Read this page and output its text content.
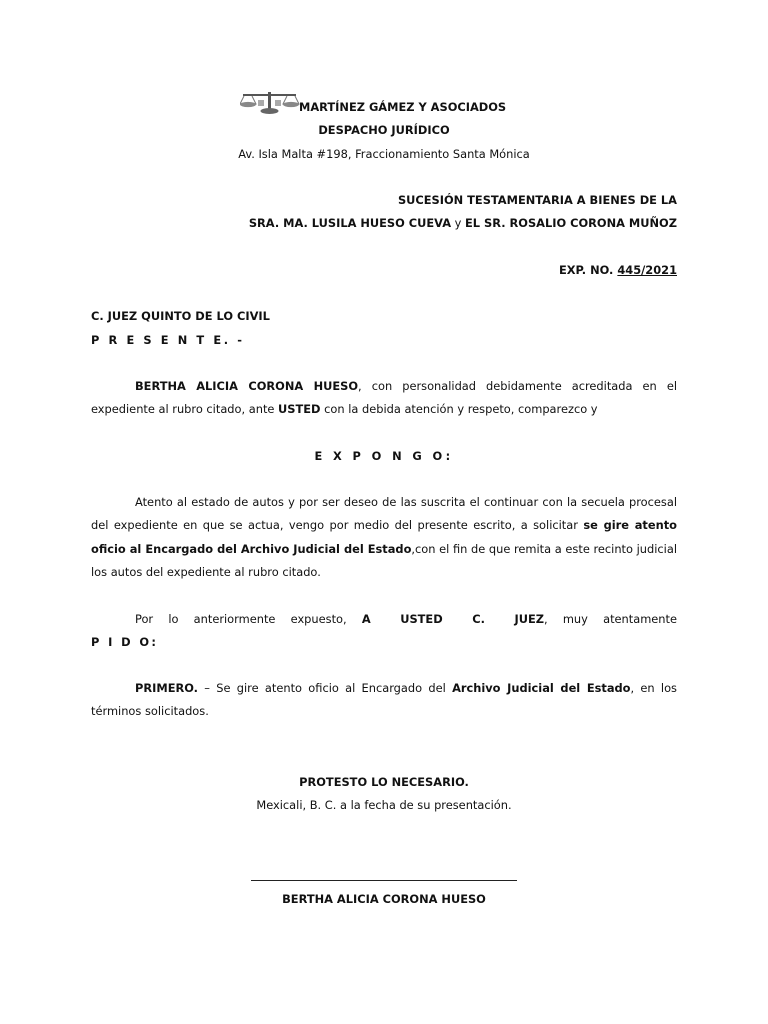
MARTÍNEZ GÁMEZ Y ASOCIADOS
DESPACHO JURÍDICO
Av. Isla Malta #198, Fraccionamiento Santa Mónica
SUCESIÓN TESTAMENTARIA A BIENES DE LA
SRA. MA. LUSILA HUESO CUEVA y EL SR. ROSALIO CORONA MUÑOZ
EXP. NO. 445/2021
C. JUEZ QUINTO DE LO CIVIL
P R E S E N T E. -
BERTHA ALICIA CORONA HUESO, con personalidad debidamente acreditada en el expediente al rubro citado, ante USTED con la debida atención y respeto, comparezco y
E X P O N G O:
Atento al estado de autos y por ser deseo de las suscrita el continuar con la secuela procesal del expediente en que se actua, vengo por medio del presente escrito, a solicitar se gire atento oficio al Encargado del Archivo Judicial del Estado,con el fin de que remita a este recinto judicial los autos del expediente al rubro citado.
Por lo anteriormente expuesto, A USTED C. JUEZ, muy atentamente
P I D O:
PRIMERO. – Se gire atento oficio al Encargado del Archivo Judicial del Estado, en los términos solicitados.
PROTESTO LO NECESARIO.
Mexicali, B. C. a la fecha de su presentación.
BERTHA ALICIA CORONA HUESO
